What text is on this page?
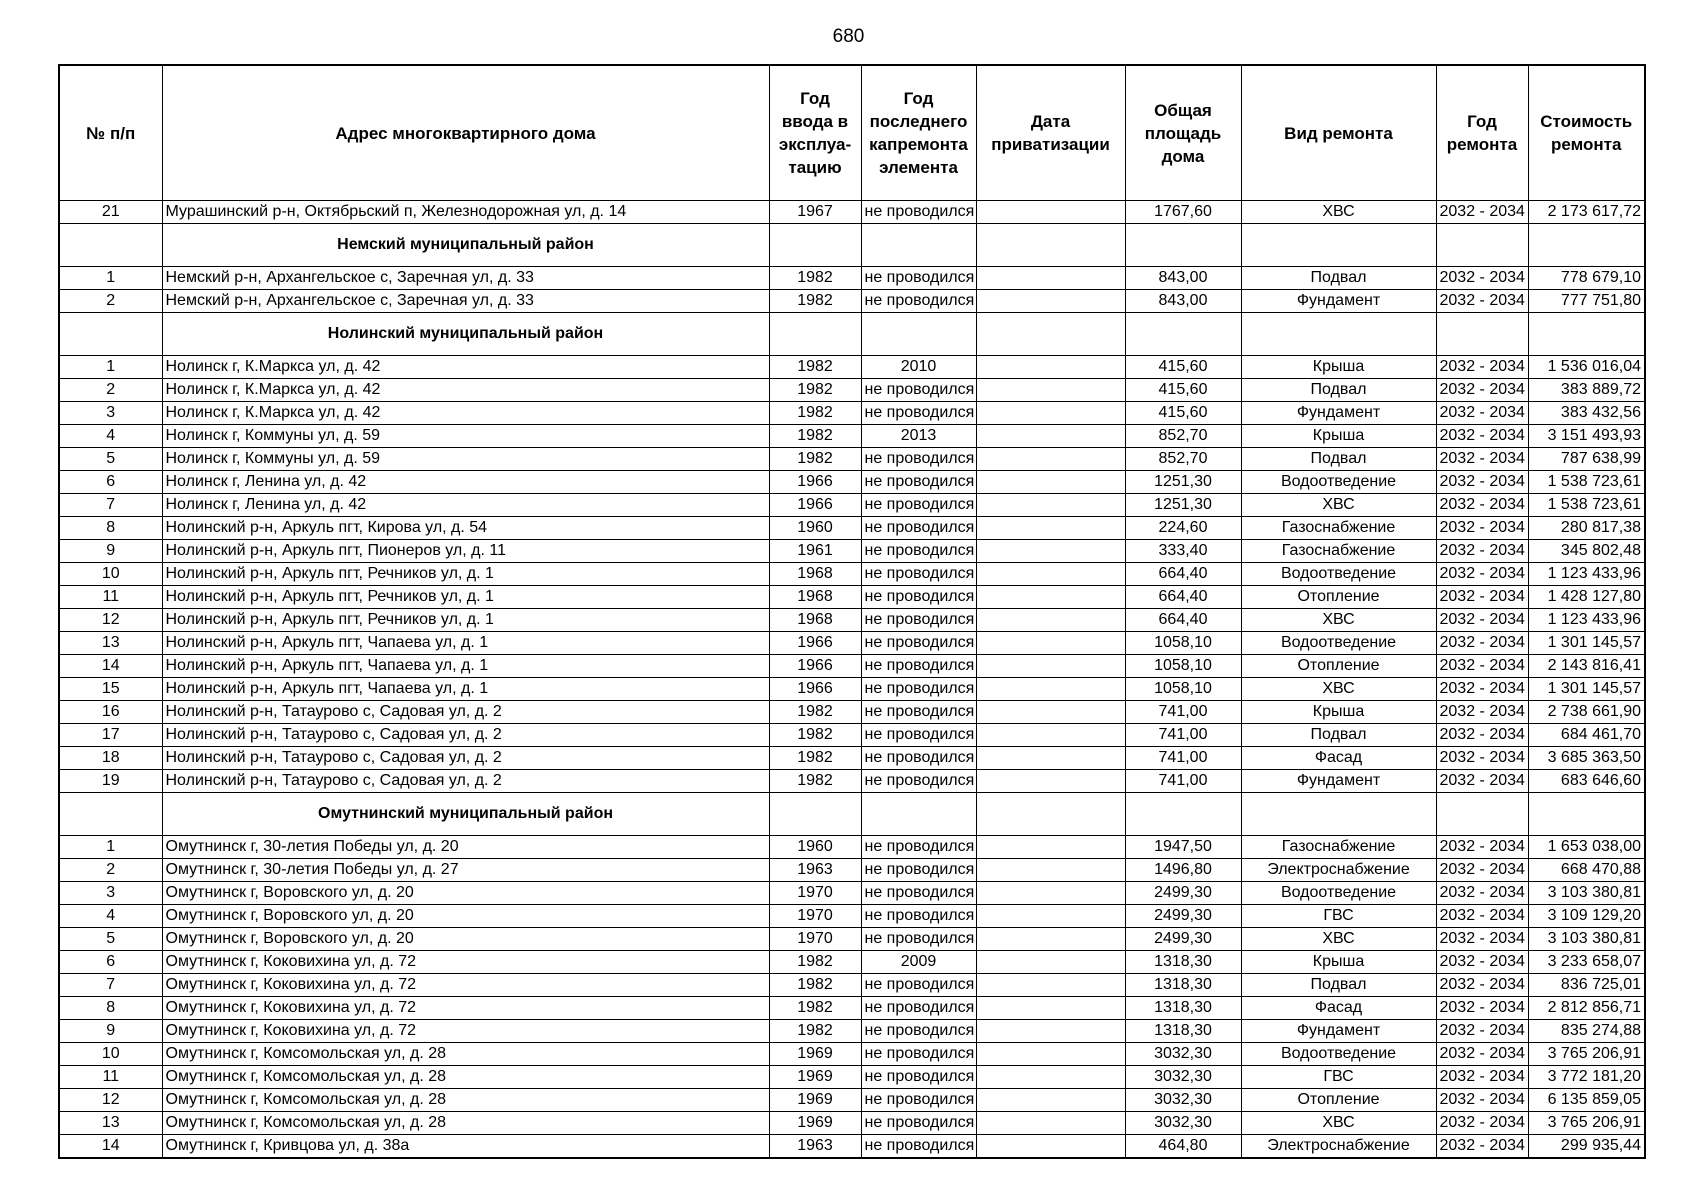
680
№ п/п	Адрес многоквартирного дома	Год ввода в эксплуа- тацию	Год последнего капремонта элемента	Дата приватизации	Общая площадь дома	Вид ремонта	Год ремонта	Стоимость ремонта
21	Мурашинский р-н, Октябрьский п, Железнодорожная ул, д. 14	1967	не проводился		1767,60	ХВС	2032 - 2034	2 173 617,72
	Немский муниципальный район							
1	Немский р-н, Архангельское с, Заречная ул, д. 33	1982	не проводился		843,00	Подвал	2032 - 2034	778 679,10
2	Немский р-н, Архангельское с, Заречная ул, д. 33	1982	не проводился		843,00	Фундамент	2032 - 2034	777 751,80
	Нолинский муниципальный район							
1	Нолинск г, К.Маркса ул, д. 42	1982	2010		415,60	Крыша	2032 - 2034	1 536 016,04
2	Нолинск г, К.Маркса ул, д. 42	1982	не проводился		415,60	Подвал	2032 - 2034	383 889,72
3	Нолинск г, К.Маркса ул, д. 42	1982	не проводился		415,60	Фундамент	2032 - 2034	383 432,56
4	Нолинск г, Коммуны ул, д. 59	1982	2013		852,70	Крыша	2032 - 2034	3 151 493,93
5	Нолинск г, Коммуны ул, д. 59	1982	не проводился		852,70	Подвал	2032 - 2034	787 638,99
6	Нолинск г, Ленина ул, д. 42	1966	не проводился		1251,30	Водоотведение	2032 - 2034	1 538 723,61
7	Нолинск г, Ленина ул, д. 42	1966	не проводился		1251,30	ХВС	2032 - 2034	1 538 723,61
8	Нолинский р-н, Аркуль пгт, Кирова ул, д. 54	1960	не проводился		224,60	Газоснабжение	2032 - 2034	280 817,38
9	Нолинский р-н, Аркуль пгт, Пионеров ул, д. 11	1961	не проводился		333,40	Газоснабжение	2032 - 2034	345 802,48
10	Нолинский р-н, Аркуль пгт, Речников ул, д. 1	1968	не проводился		664,40	Водоотведение	2032 - 2034	1 123 433,96
11	Нолинский р-н, Аркуль пгт, Речников ул, д. 1	1968	не проводился		664,40	Отопление	2032 - 2034	1 428 127,80
12	Нолинский р-н, Аркуль пгт, Речников ул, д. 1	1968	не проводился		664,40	ХВС	2032 - 2034	1 123 433,96
13	Нолинский р-н, Аркуль пгт, Чапаева ул, д. 1	1966	не проводился		1058,10	Водоотведение	2032 - 2034	1 301 145,57
14	Нолинский р-н, Аркуль пгт, Чапаева ул, д. 1	1966	не проводился		1058,10	Отопление	2032 - 2034	2 143 816,41
15	Нолинский р-н, Аркуль пгт, Чапаева ул, д. 1	1966	не проводился		1058,10	ХВС	2032 - 2034	1 301 145,57
16	Нолинский р-н, Татаурово с, Садовая ул, д. 2	1982	не проводился		741,00	Крыша	2032 - 2034	2 738 661,90
17	Нолинский р-н, Татаурово с, Садовая ул, д. 2	1982	не проводился		741,00	Подвал	2032 - 2034	684 461,70
18	Нолинский р-н, Татаурово с, Садовая ул, д. 2	1982	не проводился		741,00	Фасад	2032 - 2034	3 685 363,50
19	Нолинский р-н, Татаурово с, Садовая ул, д. 2	1982	не проводился		741,00	Фундамент	2032 - 2034	683 646,60
	Омутнинский муниципальный район							
1	Омутнинск г, 30-летия Победы ул, д. 20	1960	не проводился		1947,50	Газоснабжение	2032 - 2034	1 653 038,00
2	Омутнинск г, 30-летия Победы ул, д. 27	1963	не проводился		1496,80	Электроснабжение	2032 - 2034	668 470,88
3	Омутнинск г, Воровского ул, д. 20	1970	не проводился		2499,30	Водоотведение	2032 - 2034	3 103 380,81
4	Омутнинск г, Воровского ул, д. 20	1970	не проводился		2499,30	ГВС	2032 - 2034	3 109 129,20
5	Омутнинск г, Воровского ул, д. 20	1970	не проводился		2499,30	ХВС	2032 - 2034	3 103 380,81
6	Омутнинск г, Коковихина ул, д. 72	1982	2009		1318,30	Крыша	2032 - 2034	3 233 658,07
7	Омутнинск г, Коковихина ул, д. 72	1982	не проводился		1318,30	Подвал	2032 - 2034	836 725,01
8	Омутнинск г, Коковихина ул, д. 72	1982	не проводился		1318,30	Фасад	2032 - 2034	2 812 856,71
9	Омутнинск г, Коковихина ул, д. 72	1982	не проводился		1318,30	Фундамент	2032 - 2034	835 274,88
10	Омутнинск г, Комсомольская ул, д. 28	1969	не проводился		3032,30	Водоотведение	2032 - 2034	3 765 206,91
11	Омутнинск г, Комсомольская ул, д. 28	1969	не проводился		3032,30	ГВС	2032 - 2034	3 772 181,20
12	Омутнинск г, Комсомольская ул, д. 28	1969	не проводился		3032,30	Отопление	2032 - 2034	6 135 859,05
13	Омутнинск г, Комсомольская ул, д. 28	1969	не проводился		3032,30	ХВС	2032 - 2034	3 765 206,91
14	Омутнинск г, Кривцова ул, д. 38а	1963	не проводился		464,80	Электроснабжение	2032 - 2034	299 935,44
